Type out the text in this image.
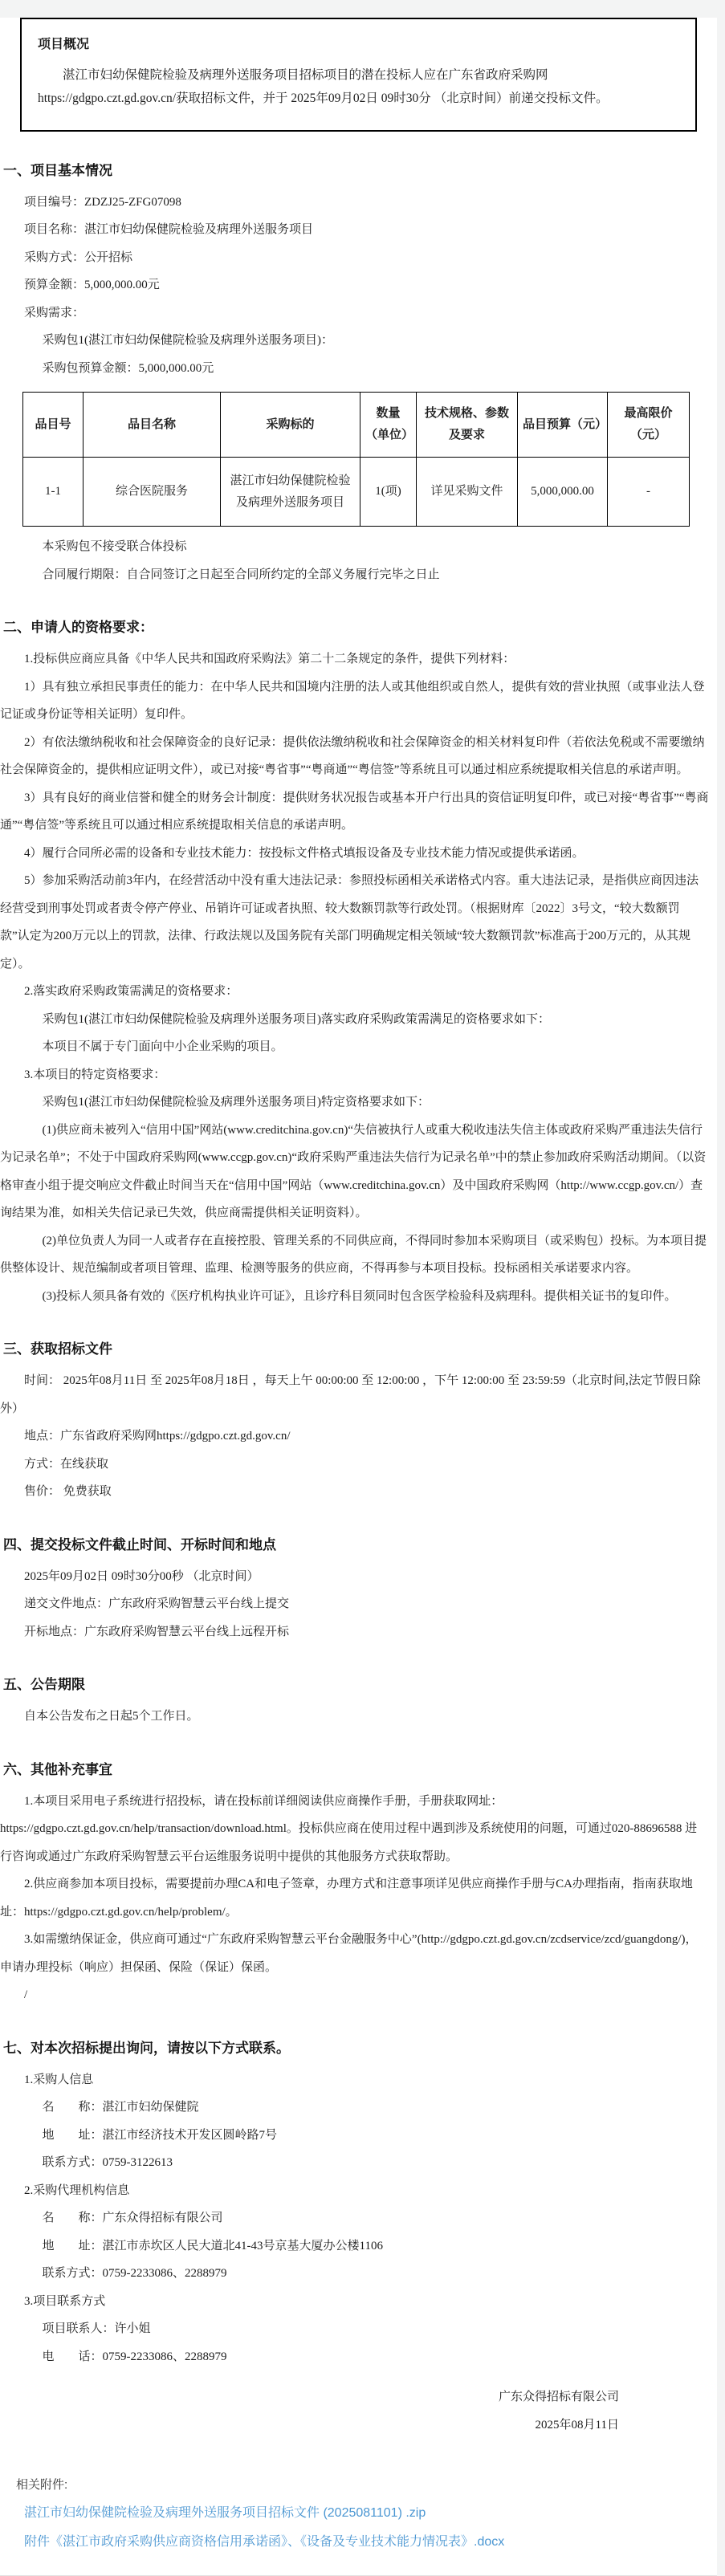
项目概况
湛江市妇幼保健院检验及病理外送服务项目招标项目的潜在投标人应在广东省政府采购网https://gdgpo.czt.gd.gov.cn/获取招标文件，并于 2025年09月02日 09时30分 （北京时间）前递交投标文件。
一、项目基本情况

项目编号：ZDZJ25-ZFG07098

项目名称：湛江市妇幼保健院检验及病理外送服务项目

采购方式：公开招标

预算金额：5,000,000.00元

采购需求：

采购包1(湛江市妇幼保健院检验及病理外送服务项目)：

采购包预算金额：5,000,000.00元

品目号	品目名称	采购标的	数量（单位）	技术规格、参数及要求	品目预算（元）	最高限价（元）
1-1	综合医院服务	湛江市妇幼保健院检验及病理外送服务项目	1(项)	详见采购文件	5,000,000.00	-

本采购包不接受联合体投标

合同履行期限：自合同签订之日起至合同所约定的全部义务履行完毕之日止

二、申请人的资格要求：

1.投标供应商应具备《中华人民共和国政府采购法》第二十二条规定的条件，提供下列材料：

1）具有独立承担民事责任的能力：在中华人民共和国境内注册的法人或其他组织或自然人，提供有效的营业执照（或事业法人登记证或身份证等相关证明）复印件。

2）有依法缴纳税收和社会保障资金的良好记录：提供依法缴纳税收和社会保障资金的相关材料复印件（若依法免税或不需要缴纳社会保障资金的，提供相应证明文件），或已对接“粤省事”“粤商通”“粤信签”等系统且可以通过相应系统提取相关信息的承诺声明。

3）具有良好的商业信誉和健全的财务会计制度：提供财务状况报告或基本开户行出具的资信证明复印件，或已对接“粤省事”“粤商通”“粤信签”等系统且可以通过相应系统提取相关信息的承诺声明。

4）履行合同所必需的设备和专业技术能力：按投标文件格式填报设备及专业技术能力情况或提供承诺函。

5）参加采购活动前3年内，在经营活动中没有重大违法记录：参照投标函相关承诺格式内容。重大违法记录，是指供应商因违法经营受到刑事处罚或者责令停产停业、吊销许可证或者执照、较大数额罚款等行政处罚。（根据财库〔2022〕3号文，“较大数额罚款”认定为200万元以上的罚款，法律、行政法规以及国务院有关部门明确规定相关领域“较大数额罚款”标准高于200万元的，从其规定）。

2.落实政府采购政策需满足的资格要求：

采购包1(湛江市妇幼保健院检验及病理外送服务项目)落实政府采购政策需满足的资格要求如下：

本项目不属于专门面向中小企业采购的项目。

3.本项目的特定资格要求：

采购包1(湛江市妇幼保健院检验及病理外送服务项目)特定资格要求如下：

(1)供应商未被列入“信用中国”网站(www.creditchina.gov.cn)“失信被执行人或重大税收违法失信主体或政府采购严重违法失信行为记录名单”；不处于中国政府采购网(www.ccgp.gov.cn)“政府采购严重违法失信行为记录名单”中的禁止参加政府采购活动期间。（以资格审查小组于提交响应文件截止时间当天在“信用中国”网站（www.creditchina.gov.cn）及中国政府采购网（http://www.ccgp.gov.cn/）查询结果为准，如相关失信记录已失效，供应商需提供相关证明资料）。

(2)单位负责人为同一人或者存在直接控股、管理关系的不同供应商，不得同时参加本采购项目（或采购包）投标。为本项目提供整体设计、规范编制或者项目管理、监理、检测等服务的供应商，不得再参与本项目投标。投标函相关承诺要求内容。

(3)投标人须具备有效的《医疗机构执业许可证》，且诊疗科目须同时包含医学检验科及病理科。提供相关证书的复印件。

三、获取招标文件

时间： 2025年08月11日 至 2025年08月18日 ，每天上午 00:00:00 至 12:00:00 ，下午 12:00:00 至 23:59:59（北京时间,法定节假日除外）

地点：广东省政府采购网https://gdgpo.czt.gd.gov.cn/

方式：在线获取

售价： 免费获取

四、提交投标文件截止时间、开标时间和地点

2025年09月02日 09时30分00秒 （北京时间）

递交文件地点：广东政府采购智慧云平台线上提交

开标地点：广东政府采购智慧云平台线上远程开标

五、公告期限

自本公告发布之日起5个工作日。

六、其他补充事宜

1.本项目采用电子系统进行招投标，请在投标前详细阅读供应商操作手册，手册获取网址：https://gdgpo.czt.gd.gov.cn/help/transaction/download.html。投标供应商在使用过程中遇到涉及系统使用的问题，可通过020-88696588 进行咨询或通过广东政府采购智慧云平台运维服务说明中提供的其他服务方式获取帮助。

2.供应商参加本项目投标，需要提前办理CA和电子签章，办理方式和注意事项详见供应商操作手册与CA办理指南，指南获取地址：https://gdgpo.czt.gd.gov.cn/help/problem/。

3.如需缴纳保证金，供应商可通过“广东政府采购智慧云平台金融服务中心”(http://gdgpo.czt.gd.gov.cn/zcdservice/zcd/guangdong/)，申请办理投标（响应）担保函、保险（保证）保函。

/

七、对本次招标提出询问，请按以下方式联系。

1.采购人信息

名　　称：湛江市妇幼保健院

地　　址：湛江市经济技术开发区圆岭路7号

联系方式：0759-3122613

2.采购代理机构信息

名　　称：广东众得招标有限公司

地　　址：湛江市赤坎区人民大道北41-43号京基大厦办公楼1106

联系方式：0759-2233086、2288979

3.项目联系方式

项目联系人：许小姐

电　　话：0759-2233086、2288979

广东众得招标有限公司
2025年08月11日
相关附件:
湛江市妇幼保健院检验及病理外送服务项目招标文件 (2025081101) .zip
附件《湛江市政府采购供应商资格信用承诺函》、《设备及专业技术能力情况表》.docx
